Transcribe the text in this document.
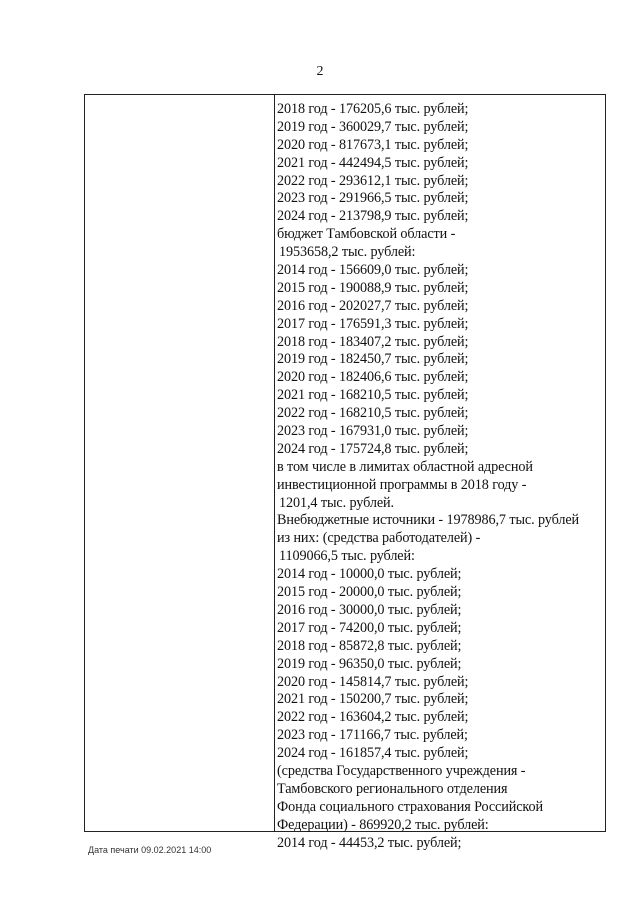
2
2018 год - 176205,6 тыс. рублей;
2019 год - 360029,7 тыс. рублей;
2020 год - 817673,1 тыс. рублей;
2021 год - 442494,5 тыс. рублей;
2022 год - 293612,1 тыс. рублей;
2023 год - 291966,5 тыс. рублей;
2024 год - 213798,9 тыс. рублей;
бюджет Тамбовской области -
1953658,2 тыс. рублей:
2014 год - 156609,0 тыс. рублей;
2015 год - 190088,9 тыс. рублей;
2016 год - 202027,7 тыс. рублей;
2017 год - 176591,3 тыс. рублей;
2018 год - 183407,2 тыс. рублей;
2019 год - 182450,7 тыс. рублей;
2020 год - 182406,6 тыс. рублей;
2021 год - 168210,5 тыс. рублей;
2022 год - 168210,5 тыс. рублей;
2023 год - 167931,0 тыс. рублей;
2024 год - 175724,8 тыс. рублей;
в том числе в лимитах областной адресной
инвестиционной программы в 2018 году -
1201,4 тыс. рублей.
Внебюджетные источники - 1978986,7 тыс. рублей
из них: (средства работодателей) -
1109066,5 тыс. рублей:
2014 год - 10000,0 тыс. рублей;
2015 год - 20000,0 тыс. рублей;
2016 год - 30000,0 тыс. рублей;
2017 год - 74200,0 тыс. рублей;
2018 год - 85872,8 тыс. рублей;
2019 год - 96350,0 тыс. рублей;
2020 год - 145814,7 тыс. рублей;
2021 год - 150200,7 тыс. рублей;
2022 год - 163604,2 тыс. рублей;
2023 год - 171166,7 тыс. рублей;
2024 год - 161857,4 тыс. рублей;
(средства Государственного учреждения -
Тамбовского регионального отделения
Фонда социального страхования Российской
Федерации) - 869920,2 тыс. рублей:
2014 год - 44453,2 тыс. рублей;
Дата печати 09.02.2021 14:00
